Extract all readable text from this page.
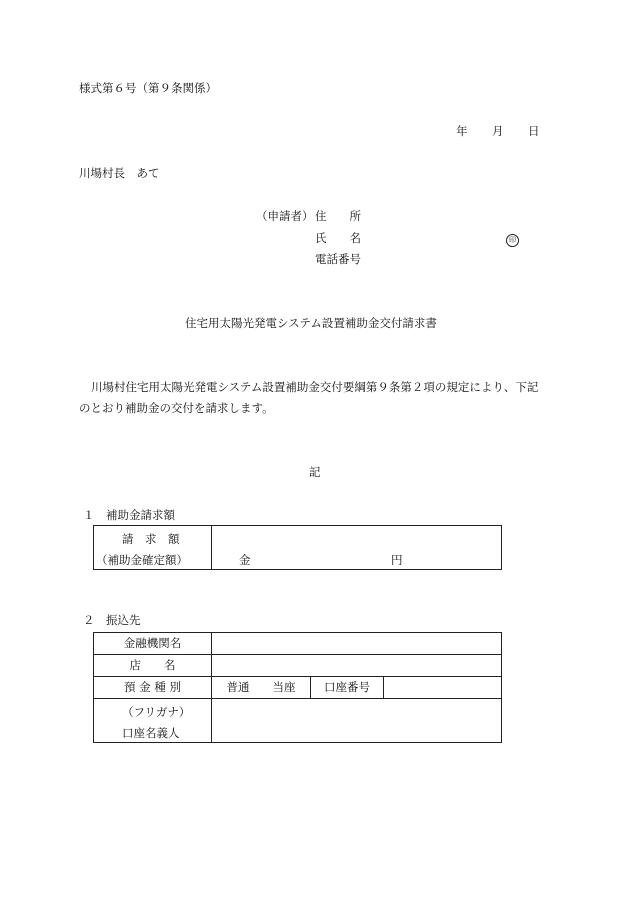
様式第６号（第９条関係）
年 月 日
川場村長　あて
（申請者） 住　　所
氏　　名	印
電話番号
住宅用太陽光発電システム設置補助金交付請求書
川場村住宅用太陽光発電システム設置補助金交付要綱第９条第２項の規定により、下記
のとおり補助金の交付を請求します。
記
１　補助金請求額
請　求　額
（補助金確定額）	金	円
２　振込先
金融機関名			
店　　名			
預 金 種 別	普通　　当座	口座番号	

（フリガナ）
口座名義人			
